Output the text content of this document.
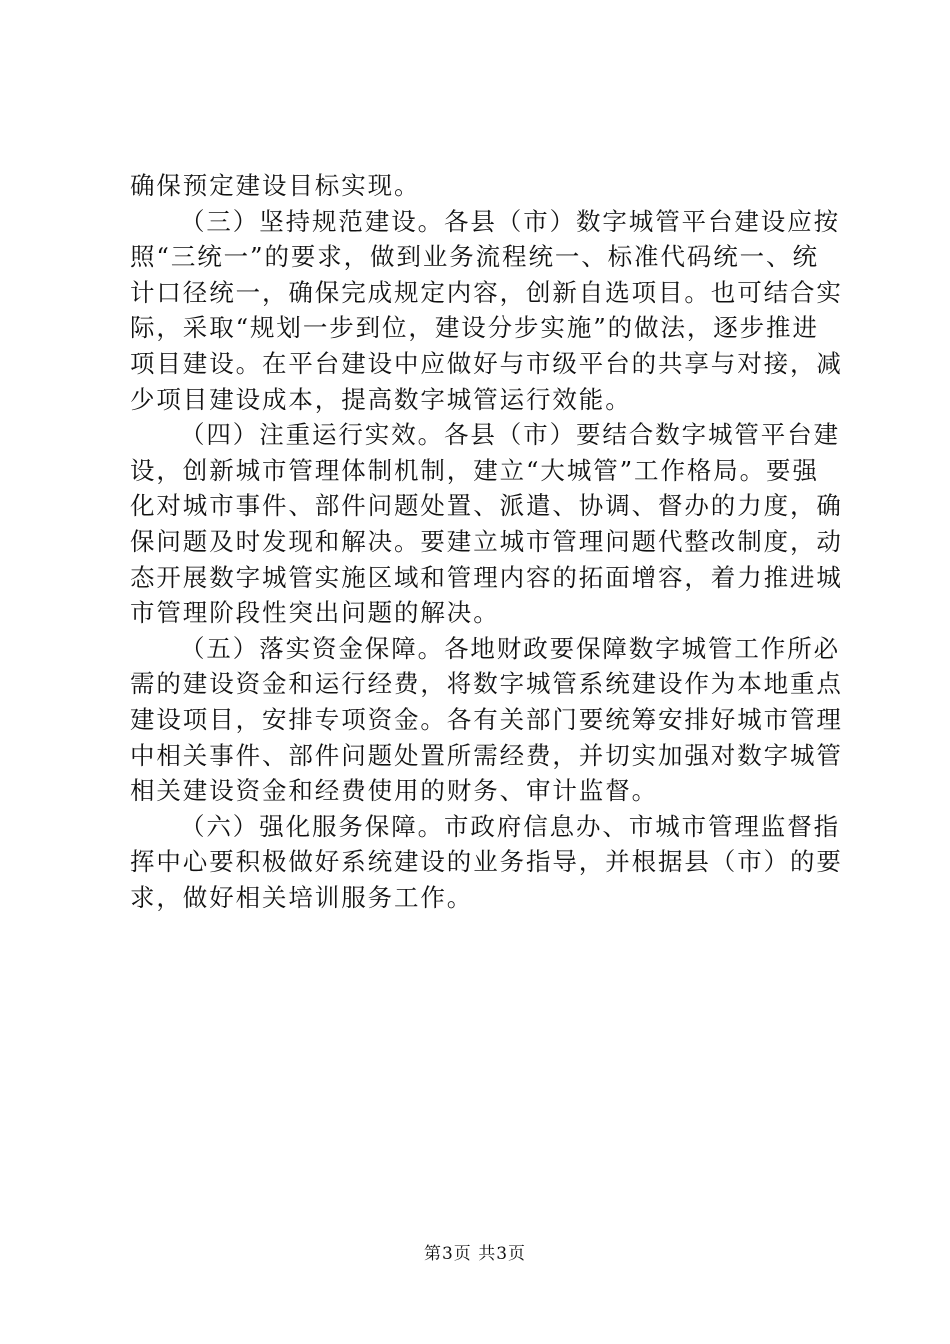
确保预定建设目标实现。
（三）坚持规范建设。各县（市）数字城管平台建设应按
照“三统一”的要求，做到业务流程统一、标准代码统一、统
计口径统一，确保完成规定内容，创新自选项目。也可结合实
际，采取“规划一步到位，建设分步实施”的做法，逐步推进
项目建设。在平台建设中应做好与市级平台的共享与对接，减
少项目建设成本，提高数字城管运行效能。
（四）注重运行实效。各县（市）要结合数字城管平台建
设，创新城市管理体制机制，建立“大城管”工作格局。要强
化对城市事件、部件问题处置、派遣、协调、督办的力度，确
保问题及时发现和解决。要建立城市管理问题代整改制度，动
态开展数字城管实施区域和管理内容的拓面增容，着力推进城
市管理阶段性突出问题的解决。
（五）落实资金保障。各地财政要保障数字城管工作所必
需的建设资金和运行经费，将数字城管系统建设作为本地重点
建设项目，安排专项资金。各有关部门要统筹安排好城市管理
中相关事件、部件问题处置所需经费，并切实加强对数字城管
相关建设资金和经费使用的财务、审计监督。
（六）强化服务保障。市政府信息办、市城市管理监督指
挥中心要积极做好系统建设的业务指导，并根据县（市）的要
求，做好相关培训服务工作。
第3页 共3页
